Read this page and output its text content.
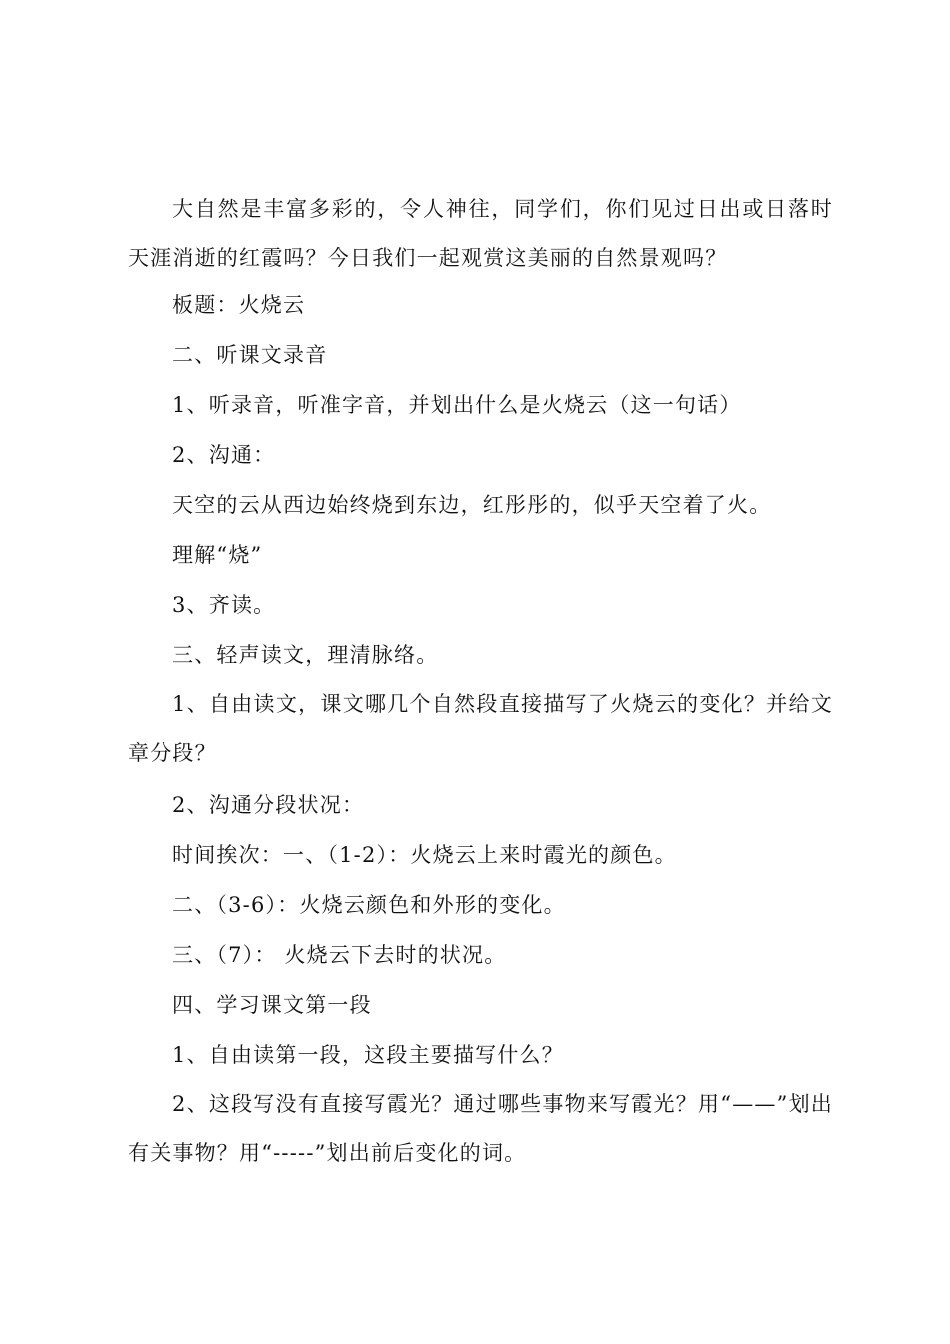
大自然是丰富多彩的，令人神往，同学们，你们见过日出或日落时天涯消逝的红霞吗？今日我们一起观赏这美丽的自然景观吗？
板题：火烧云
二、听课文录音
1、听录音，听准字音，并划出什么是火烧云（这一句话）
2、沟通：
天空的云从西边始终烧到东边，红彤彤的，似乎天空着了火。
理解“烧”
3、齐读。
三、轻声读文，理清脉络。
1、自由读文，课文哪几个自然段直接描写了火烧云的变化？并给文章分段？
2、沟通分段状况：
时间挨次：一、（1-2）：火烧云上来时霞光的颜色。
二、（3-6）：火烧云颜色和外形的变化。
三、（7）： 火烧云下去时的状况。
四、学习课文第一段
1、自由读第一段，这段主要描写什么？
2、这段写没有直接写霞光？通过哪些事物来写霞光？用“——”划出有关事物？用“-----”划出前后变化的词。
